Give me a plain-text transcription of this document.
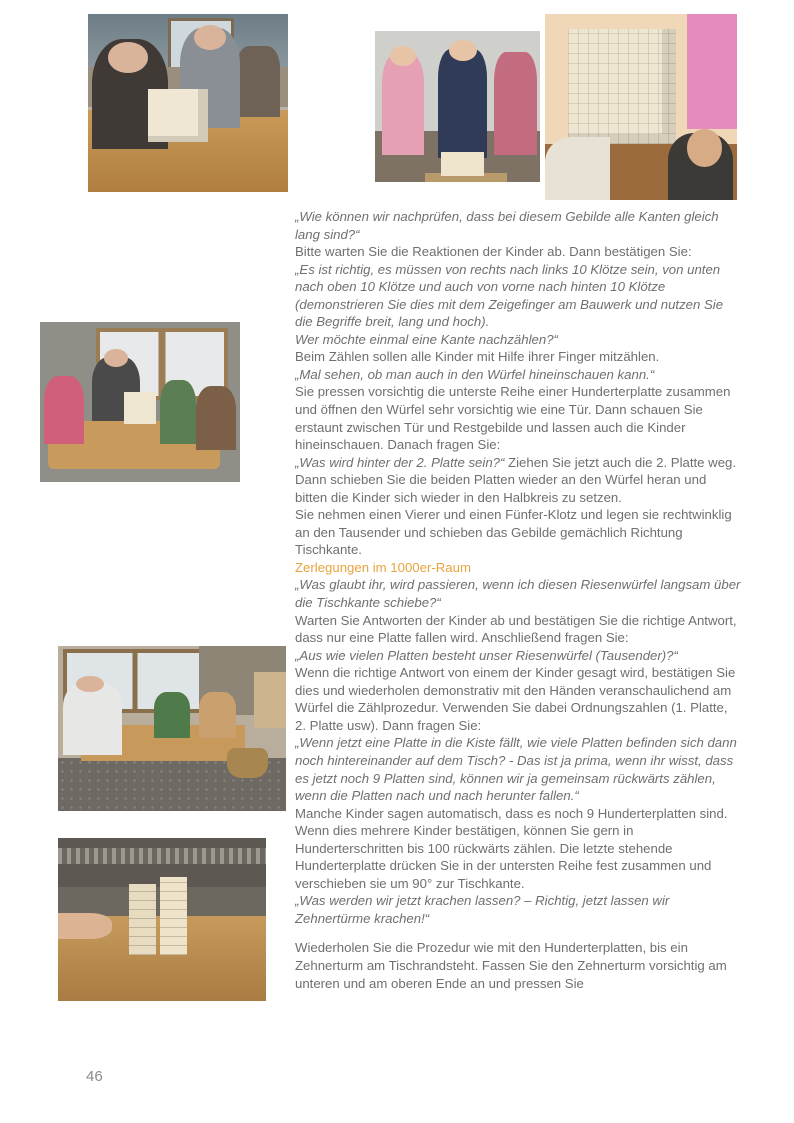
„Wie können wir nachprüfen, dass bei diesem Gebilde alle Kanten gleich lang sind?“

Bitte warten Sie die Reaktionen der Kinder ab. Dann bestätigen Sie:

„Es ist richtig, es müssen von rechts nach links 10 Klötze sein, von unten nach oben 10 Klötze und auch von vorne nach hinten 10 Klötze (demonstrieren Sie dies mit dem Zeigefinger am Bauwerk und nutzen Sie die Begriffe breit, lang und hoch).

Wer möchte einmal eine Kante nachzählen?“

Beim Zählen sollen alle Kinder mit Hilfe ihrer Finger mitzählen.

„Mal sehen, ob man auch in den Würfel hineinschauen kann.“

Sie pressen vorsichtig die unterste Reihe einer Hunderterplatte zusammen und öffnen den Würfel sehr vorsichtig wie eine Tür. Dann schauen Sie erstaunt zwischen Tür und Restgebilde und lassen auch die Kinder hineinschauen. Danach fragen Sie:

„Was wird hinter der 2. Platte sein?“ Ziehen Sie jetzt auch die 2. Platte weg. Dann schieben Sie die beiden Platten wieder an den Würfel heran und bitten die Kinder sich wieder in den Halbkreis zu setzen.

Sie nehmen einen Vierer und einen Fünfer-Klotz und legen sie rechtwinklig an den Tausender und schieben das Gebilde gemächlich Richtung Tischkante.

Zerlegungen im 1000er-Raum

„Was glaubt ihr, wird passieren, wenn ich diesen Riesenwürfel langsam über die Tischkante schiebe?“

Warten Sie Antworten der Kinder ab und bestätigen Sie die richtige Antwort, dass nur eine Platte fallen wird. Anschließend fragen Sie:

„Aus wie vielen Platten besteht unser Riesenwürfel (Tausender)?“

Wenn die richtige Antwort von einem der Kinder gesagt wird, bestätigen Sie dies und wiederholen demonstrativ mit den Händen veranschaulichend am Würfel die Zählprozedur. Verwenden Sie dabei Ordnungszahlen (1. Platte, 2. Platte usw). Dann fragen Sie:

„Wenn jetzt eine Platte in die Kiste fällt, wie viele Platten befinden sich dann noch hintereinander auf dem Tisch? - Das ist ja prima, wenn ihr wisst, dass es jetzt noch 9 Platten sind, können wir ja gemeinsam rückwärts zählen, wenn die Platten nach und nach herunter fallen.“

Manche Kinder sagen automatisch, dass es noch 9 Hunderterplatten sind. Wenn dies mehrere Kinder bestätigen, können Sie gern in Hunderterschritten bis 100 rückwärts zählen. Die letzte stehende Hunderterplatte drücken Sie in der untersten Reihe fest zusammen und verschieben sie um 90° zur Tischkante.

„Was werden wir jetzt krachen lassen? – Richtig, jetzt lassen wir Zehnertürme krachen!“

Wiederholen Sie die Prozedur wie mit den Hunderterplatten, bis ein Zehnerturm am Tischrandsteht. Fassen Sie den Zehnerturm vorsichtig am unteren und am oberen Ende an und pressen Sie

46
